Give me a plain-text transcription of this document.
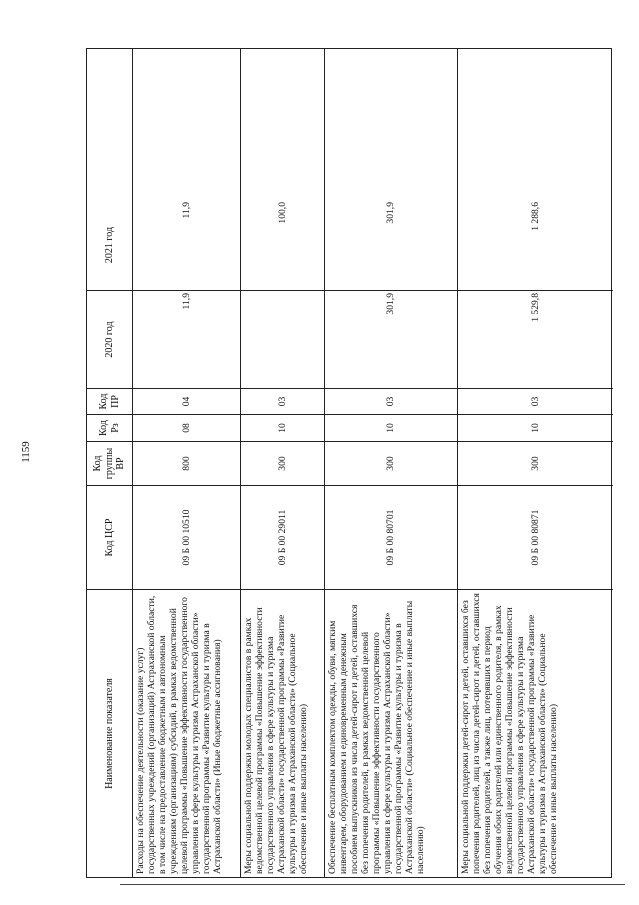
1159
Наименование показателя
Код ЦСР
Код группы ВР
Код Рз
Код ПР
2020 год
2021 год
Расходы на обеспечение деятельности (оказание услуг) государственных учреждений (организаций) Астраханской области, в том числе на предоставление бюджетным и автономным учреждениям (организациям) субсидий, в рамках ведомственной целевой программы «Повышение эффективности государственного управления в сфере культуры и туризма Астраханской области» государственной программы «Развитие культуры и туризма в Астраханской области» (Иные бюджетные ассигнования)
09 Б 00 10510
800
08
04
11,9
11,9
Меры социальной поддержки молодых специалистов в рамках ведомственной целевой программы «Повышение эффективности государственного управления в сфере культуры и туризма Астраханской области» государственной программы «Развитие культуры и туризма в Астраханской области» (Социальное обеспечение и иные выплаты населению)
09 Б 00 29011
300
10
03
100,0
Обеспечение бесплатным комплектом одежды, обуви, мягким инвентарем, оборудованием и единовременным денежным пособием выпускников из числа детей-сирот и детей, оставшихся без попечения родителей, в рамках ведомственной целевой программы «Повышение эффективности государственного управления в сфере культуры и туризма Астраханской области» государственной программы «Развитие культуры и туризма в Астраханской области» (Социальное обеспечение и иные выплаты населению)
09 Б 00 80701
300
10
03
301,9
301,9
Меры социальной поддержки детей-сирот и детей, оставшихся без попечения родителей, лиц из числа детей-сирот и детей, оставшихся без попечения родителей, а также лиц, потерявших в период обучения обоих родителей или единственного родителя, в рамках ведомственной целевой программы «Повышение эффективности государственного управления в сфере культуры и туризма Астраханской области» государственной программы «Развитие культуры и туризма в Астраханской области» (Социальное обеспечение и иные выплаты населению)
09 Б 00 80871
300
10
03
1 529,8
1 288,6
